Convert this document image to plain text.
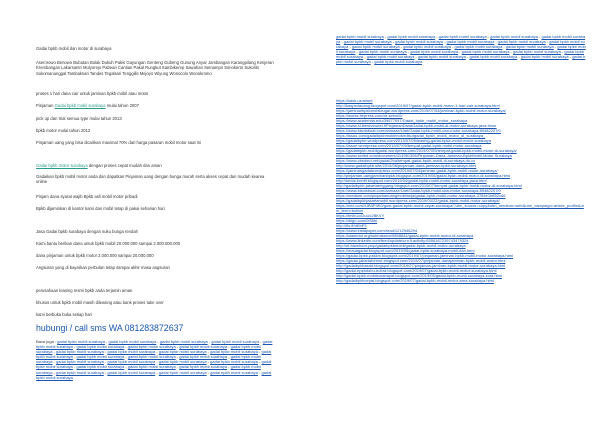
Gadai bpkb mobil dan motor di surabaya
Asemrowo Benowo Bubutan Bulak Dukuh Pakis Gayungan Genteng Gubeng Gunung Anyar Jambangan Karangpilang Kenjeran Krembangan Lakarsantri Mulyorejo Pabean Cantian Pakal Rungkut Sambikerep Sawahan Semampir Simokerto Sukolilo Sukomanunggal Tambaksari Tandes Tegalsari Tenggilis Mejoyo Wiyung Wonocolo Wonokromo
proses 1 hari dana cair untuk jaminan bpkb mobil atau motor
Pinjaman Gadai bpkb mobil surabaya mulai tahun 2007
pick up dan truk semua type mulai tahun 2013
bpkb motor mulai tahun 2012
Pinjaman uang yang bisa dicairkan maximal 70% dari harga pasaran mobil motor saat ini
Gadai bpkb motor surabaya dengan proses cepat mudah dan aman
Gadaikan bpkb mobil motor anda dan dapatkan Pinjaman uang dengan bunga murah serta akses cepat dan mudah kearea online
Pinjam dana syarat wajib Bpkb asli mobil motor pribadi
Bpkb dijaminkan di kantor kami dan mobil tetap di pakai seharian hari
Jasa Gadai bpkb surabaya dengan suku bunga rendah
Kami bantu berikan dana untuk bpkb mobil 20.000.000 sampai 2.000.000.000
dana pinjaman untuk bpkb motor 2.000.000 sampai 20.000.000
Angsuran yang di bayarkan perbulan tetap sampai akhir masa angsuran
perusahaan leasing resmi bpkb anda terjamin aman
khusus untuk bpkb mobil masih dileasing atau bank proses take over
kami berbuka buka setiap hari
hubungi / call sms WA 081283872637
Baca juga : gadai bpkb mobil surabaya - gadai bpkb mobil surabaya - gadai bpkb mobil surabaya - gadai bpkb mobil surabaya - gadai bpkb mobil surabaya - gadai bpkb mobil surabaya - gadai bpkb mobil surabaya - gadai bpkb mobil surabaya - gadai bpkb mobil surabaya - gadai bpkb mobil surabaya - gadai bpkb mobil surabaya - gadai bpkb mobil surabaya - gadai bpkb mobil surabaya - gadai bpkb mobil surabaya - gadai bpkb mobil surabaya - gadai bpkb mobil surabaya - gadai bpkb mobil surabaya - gadai bpkb mobil surabaya - gadai bpkb mobil surabaya - gadai bpkb mobil surabaya - gadai bpkb mobil surabaya - gadai bpkb mobil surabaya - gadai bpkb mobil surabaya - gadai bpkb mobil surabaya - gadai bpkb mobil surabaya - gadai bpkb mobil surabaya - gadai bpkb mobil surabaya - gadai bpkb mobil surabaya - gadai bpkb mobil surabaya - gadai bpkb mobil surabaya - gadai bpkb mobil surabaya - gadai bpkb mobil surabaya
gadai bpkb mobil surabaya - gadai bpkb mobil surabaya - gadai bpkb mobil surabaya - gadai bpkb mobil surabaya - gadai bpkb mobil surabaya - gadai bpkb mobil surabaya - gadai bpkb mobil surabaya - gadai bpkb mobil surabaya - gadai bpkb mobil surabaya - gadai bpkb mobil surabaya - gadai bpkb mobil surabaya - gadai bpkb mobil surabaya - gadai bpkb mobil surabaya - gadai bpkb mobil surabaya - gadai bpkb mobil surabaya - gadai bpkb mobil surabaya - gadai bpkb mobil surabaya - gadai bpkb mobil surabaya - gadai bpkb mobil surabaya - gadai bpkb mobil surabaya - gadai bpkb mobil surabaya - gadai bpkb mobil surabaya - gadai bpkb mobil surabaya - gadai bpkb mobil surabaya - gadai bpkb mobil surabaya - gadai bpkb mobil surabaya
https://kask.us/ained
http://kaspedauang.blogspot.com/2019/07/gadai-bpkb-mobil-motor-1-hari-cair-surabaya.html
https://jaminanbpkbmobildugai.wordpress.com/2019/07/04/jaminan-bpkb-mobil-motor-surabaya/
https://works.bepress.com/dr-seeni/0/
https://www.academia.edu/39677097/Gadai_bpkb_mobil_motor_surabaya
https://www.id.ibeshanuret.f/PinjamanDanaGadai-bpkb-mobil-di-motor-surabaya-java-timur
https://www.bisnisbuat.com/anmaze/Uart/Gadai-bpkb-mobil-dan-motor-surabaya-89482207/0
https://issuu.com/gadaibpkbmobilmotordisurgadai_bpkb_mobil_motor_di_surabaya_
https://gadaibpkb.wordpress.com/2019/07/09/leasing-gadai-bpkb-mobil-motor-surabaya
https://issue.wordpress.com/2019/07/09/tempat-gadai-bpkb-mobil-motor-surabaya
https://gadaibpkb-mobilgadai.wordpress.com/2019/07/09/tempat-gadai-bpkb-mobil-motor-di-surabaya/
https://www.scribd.com/document/414981396/Pinjaman-Dana-Jaminan-BpkbMobil-Motor-Surabaya
https://www.cbsdmd.net/gadai/2ba/tempat-gadai-bpkb-mobil-di-surabaya.do.cx
http://www.gadaibpkb.site/2019/06/pinjaman-dana-jaminan-bpkb-surabaya.html
https://jaminangadaiwordpress.com/2019/07/04/jaminan-gadai-bpkb-mobil-motor-surabaya/
http://pinjaman-uangjaminanbpkb.blogspot.com/2019/06/gadai-bpkb-mobil-motor-di-surabaya.html
http://kedai-kredit.blogspot.com/2019/04/gadai-bpkb-mobil-motor-surabaya-jawa.html
http://gadaibpkb-jakartaenggang.blogspot.com/2019/07/tempat-gadai-bpkb-mobil-motor-di-surabaya.html
https://www.bisnisbuat.com/anmaze/Uart/Gadai-bpkb-mobil-dan-motor-surabaya-89482207/0
https://medium.com/pinjamanuangmobilneja/gadai-bpkb-mobil-motor-surabaya-3784e1b852cd6
https://gadaibpkbjakartamobil.wordpress.com/2019/04/22/gadai-bpkb-mobil-motor-surabaya/
https://mix.com/!UB4P4K0/guai-gadai-bpkb-mobil-cepat-surabaya/?utm_source=copy&utm_medium=web&utm_campaign=article_profile&utm_term=button
https://tmbl.co/2uUc2BKVY
https://diigo.com/0f39bi
http://flo.ff/dKbP3
https://www.instapaper.com/read/1212946294
https://slashdot.org/submission/9868844/gadai-bpkb-mobil-motor-di-surabaya
https://www.linkedin.com/feed/update/urn:li:activity:6556187239743479324
http://el-tuweboot.ymp/gadaibpkbmobil/gadai-bpkb-mobil-motor-surabaya
https://mauagadai.blogspot.com/2019/05/gadai-bpkb-surabaya-mobil-dan.html
https://gadai-bpkb-pakkm.blogspot.com/2019/07/pinjaman-jaminan-bpkb-mobil-motor-surabaya.html
https://gadai-jakartaformur.blogspot.com/2019/07/pinjaman-danajaminan-bpkb-mobil-motor.html
http://gadaibpkbasdd.blogspot.com/2019/07/pinjaman-jaminan-bpkb-mobil-motor-surabaya.html
http://gadai-bpkbdobu-bobra.blogspot.com/2019/07/gadai-bpkb-mobil-motor-surabaya.html
http://gadai-bpkb-mobilsurabayat.blogspot.com/2019/05/gadai-bpkb-mobil-surabaya-kota.html
http://gadaibpkbcepat.blogspot.com/2019/07/gadai-bpkb-mobil-motor-area-surabaya.html
